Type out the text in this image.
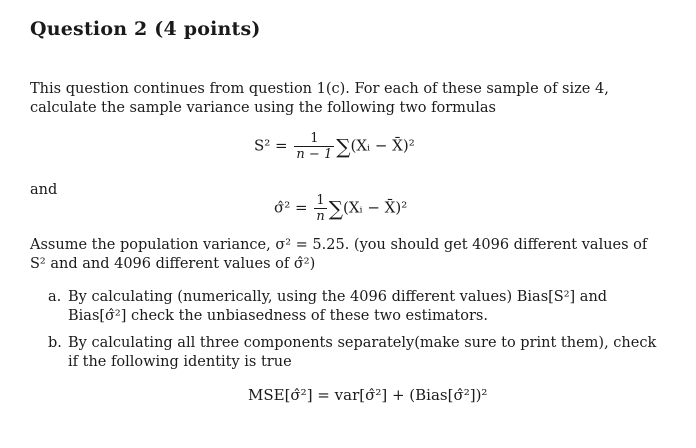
Question 2 (4 points)
This question continues from question 1(c). For each of these sample of size 4, calculate the sample variance using the following two formulas
$S^2 = \frac{1}{n - 1}$ ∑(Xᵢ − X̄)²
and
σ̂² = $\frac{1}{n}$ ∑(Xᵢ − X̄)²
Assume the population variance, σ² = 5.25. (you should get 4096 different values of S² and and 4096 different values of σ̂²)
a. By calculating (numerically, using the 4096 different values) Bias[S²] and Bias[σ̂²] check the unbiasedness of these two estimators.
b. By calculating all three components separately(make sure to print them), check if the following identity is true
MSE[σ̂²] = var[σ̂²] + (Bias[σ̂²])²
